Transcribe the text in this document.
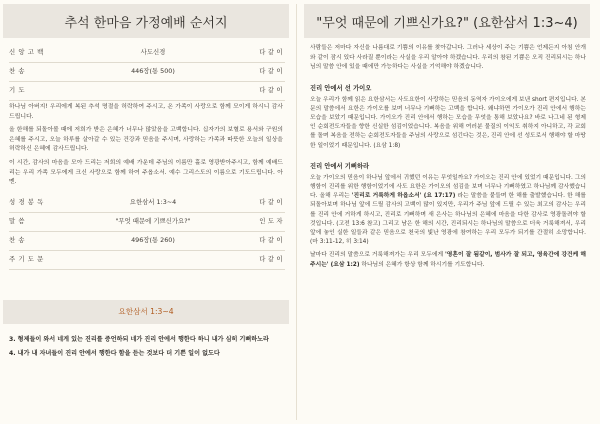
추석 한마음 가정예배 순서지
신앙고백	사도신경	다같이
찬송	446장(통 500)	다같이
기도	다같이

하나님 아버지! 우리에게 복된 추석 명절을 허락하여 주시고, 온 가족이 사랑으로 함께 모이게 하시니 감사 드립니다.

올 한해를 되돌아볼 때에 저희가 받은 은혜가 너무나 많았음을 고백합니다. 십자가의 보혈로 용서와 구원의 은혜를 주시고, 오늘 하루를 살아갈 수 있는 건강과 믿음을 주시며, 사랑하는 가족과 따뜻한 오늘의 일상을 허락하신 은혜에 감사드립니다.

이 시간, 감사의 마음을 모아 드리는 저희의 예배 가운데 주님의 이름만 홀로 영광받아주시고, 함께 예배드리는 우리 가족 모두에게 크신 사랑으로 함께 하여 주옵소서. 예수 그리스도의 이름으로 기도드립니다. 아멘.

성경봉독	요한삼서 1:3~4	다같이
말씀	"무엇 때문에 기쁘신가요?"	인도자
찬송	496장(통 260)	다같이
주기도문	다같이
요한삼서 1:3~4

3. 형제들이 와서 네게 있는 진리를 증언하되 네가 진리 안에서 행한다 하니 내가 심히 기뻐하노라

4. 내가 내 자녀들이 진리 안에서 행한다 함을 듣는 것보다 더 기쁜 일이 없도다

"무엇 때문에 기쁘신가요?" (요한삼서 1:3~4)

사람들은 저마다 자신을 나름대로 기쁨의 이유를 찾아갑니다. 그러나 세상이 주는 기쁨은 언제든지 아침 안개와 같이 잠시 있다 사라질 뿐이라는 사실을 우리 알아야 하겠습니다. 우리의 참된 기쁨은 오직 진리되시는 하나님의 말씀 안에 있을 때에만 가능하다는 사실을 기억해야 하겠습니다.

진리 안에서 선 가이오

오늘 우리가 함께 읽은 요한삼서는 사도요한이 사랑하는 믿음의 동역자 가이오에게 보낸 short 편지입니다. 본문의 말씀에서 요한은 가이오를 보며 너무나 기뻐하는 고백을 합니다. 왜냐하면 가이오가 진리 안에서 행하는 모습을 보았기 때문입니다. 가이오가 진리 안에서 행하는 모습을 무엇을 통해 보았나요? 바로 나그네 된 형제인 순회전도자들을 향한 신실한 섬김이었습니다. 복음을 위해 여러분 물질의 이익도 취하지 아니하고, 각 교회를 돌며 복음을 전하는 순회전도자들을 주님의 사랑으로 섬긴다는 것은, 진리 안에 선 성도로서 행해야 할 마땅한 일이었기 때문입니다. (요삼 1:8)

진리 안에서 기뻐하라

오늘 가이오의 믿음이 하나님 앞에서 귀했던 이유는 무엇일까요? 가이오는 진리 안에 있었기 때문입니다. 그의 행함이 진리를 위한 행함이었기에 사도 요한은 가이오의 섬김을 보며 너무나 기뻐하였고 하나님께 감사했습니다. 올해 우리는 '진리로 거룩하게 하옵소서' (요 17:17) 라는 말씀을 붙들며 한 해를 출발했습니다. 한 해를 되돌아보며 하나님 앞에 드릴 감사의 고백이 많이 있지만, 우리가 주님 앞에 드릴 수 있는 최고의 감사는 우리를 진리 안에 거하게 하시고, 진리로 기뻐하며 새 은사는 하나님의 은혜에 마음을 다한 감사로 영광돌려야 할 것입니다. (고전 13:6 참고) 그리고 남은 한 해의 시간, 진리되시는 하나님의 말씀으로 더욱 거룩해져서, 우리 앞에 놓인 실한 일들과 같은 믿음으로 천국의 빛난 영광에 참여하는 우리 모두가 되기를 간절히 소망합니다. (마 3:11-12, 히 3:14)

날마다 진리의 말씀으로 거룩해져가는 우리 모두에게 '영혼이 잘 됨같이, 범사가 잘 되고, 영육간에 강건케 해 주시는' (요삼 1:2) 하나님의 은혜가 항상 함께 하시기를 기도합니다.
